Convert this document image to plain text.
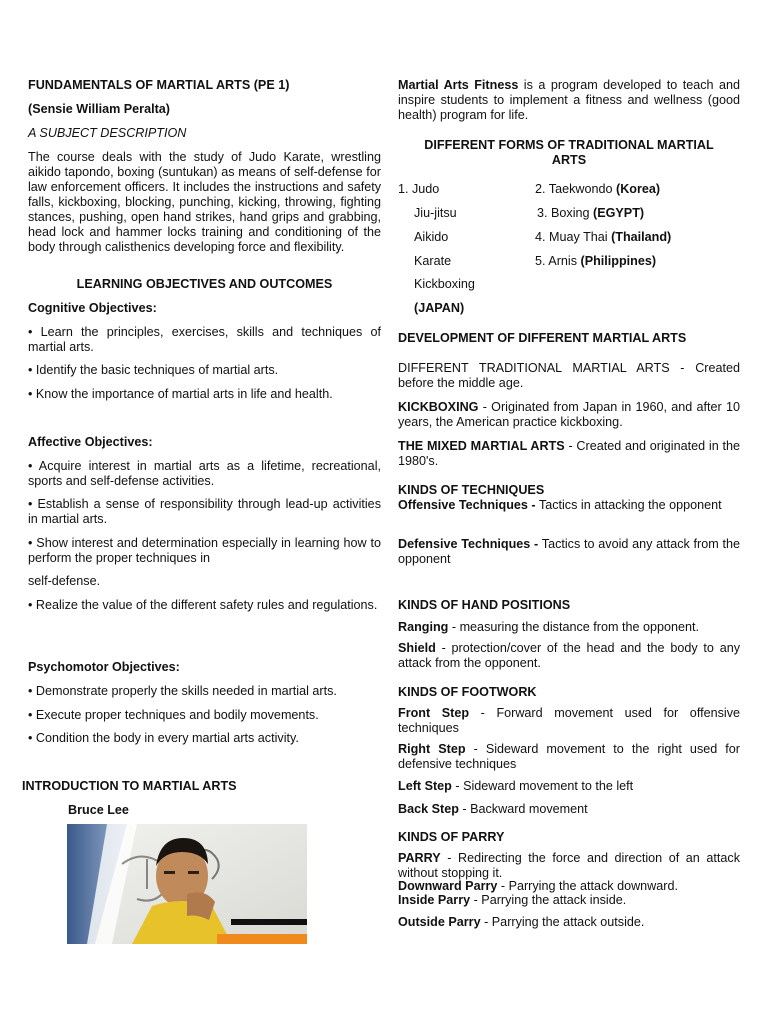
FUNDAMENTALS OF MARTIAL ARTS (PE 1)

(Sensie William Peralta)

A SUBJECT DESCRIPTION

The course deals with the study of Judo Karate, wrestling aikido tapondo, boxing (suntukan) as means of self-defense for law enforcement officers. It includes the instructions and safety falls, kickboxing, blocking, punching, kicking, throwing, fighting stances, pushing, open hand strikes, hand grips and grabbing, head lock and hammer locks training and conditioning of the body through calisthenics developing force and flexibility.

LEARNING OBJECTIVES AND OUTCOMES

Cognitive Objectives:

• Learn the principles, exercises, skills and techniques of martial arts.

• Identify the basic techniques of martial arts.

• Know the importance of martial arts in life and health.

Affective Objectives:

• Acquire interest in martial arts as a lifetime, recreational, sports and self-defense activities.

• Establish a sense of responsibility through lead-up activities in martial arts.

• Show interest and determination especially in learning how to perform the proper techniques in

self-defense.

• Realize the value of the different safety rules and regulations.

Psychomotor Objectives:

• Demonstrate properly the skills needed in martial arts.

• Execute proper techniques and bodily movements.

• Condition the body in every martial arts activity.

INTRODUCTION TO MARTIAL ARTS

Bruce Lee

Martial Arts Fitness is a program developed to teach and inspire students to implement a fitness and wellness (good health) program for life.

DIFFERENT FORMS OF TRADITIONAL MARTIAL ARTS

1. Judo

Jiu-jitsu

Aikido

Karate

Kickboxing

(JAPAN)

2. Taekwondo (Korea)

3. Boxing (EGYPT)

4. Muay Thai (Thailand)

5. Arnis (Philippines)

DEVELOPMENT OF DIFFERENT MARTIAL ARTS

DIFFERENT TRADITIONAL MARTIAL ARTS - Created before the middle age.

KICKBOXING - Originated from Japan in 1960, and after 10 years, the American practice kickboxing.

THE MIXED MARTIAL ARTS - Created and originated in the 1980's.

KINDS OF TECHNIQUES

Offensive Techniques - Tactics in attacking the opponent

Defensive Techniques - Tactics to avoid any attack from the opponent

KINDS OF HAND POSITIONS

Ranging - measuring the distance from the opponent.

Shield - protection/cover of the head and the body to any attack from the opponent.

KINDS OF FOOTWORK

Front Step - Forward movement used for offensive techniques

Right Step - Sideward movement to the right used for defensive techniques

Left Step - Sideward movement to the left

Back Step - Backward movement

KINDS OF PARRY

PARRY - Redirecting the force and direction of an attack without stopping it.

Downward Parry - Parrying the attack downward.

Inside Parry - Parrying the attack inside.

Outside Parry - Parrying the attack outside.
